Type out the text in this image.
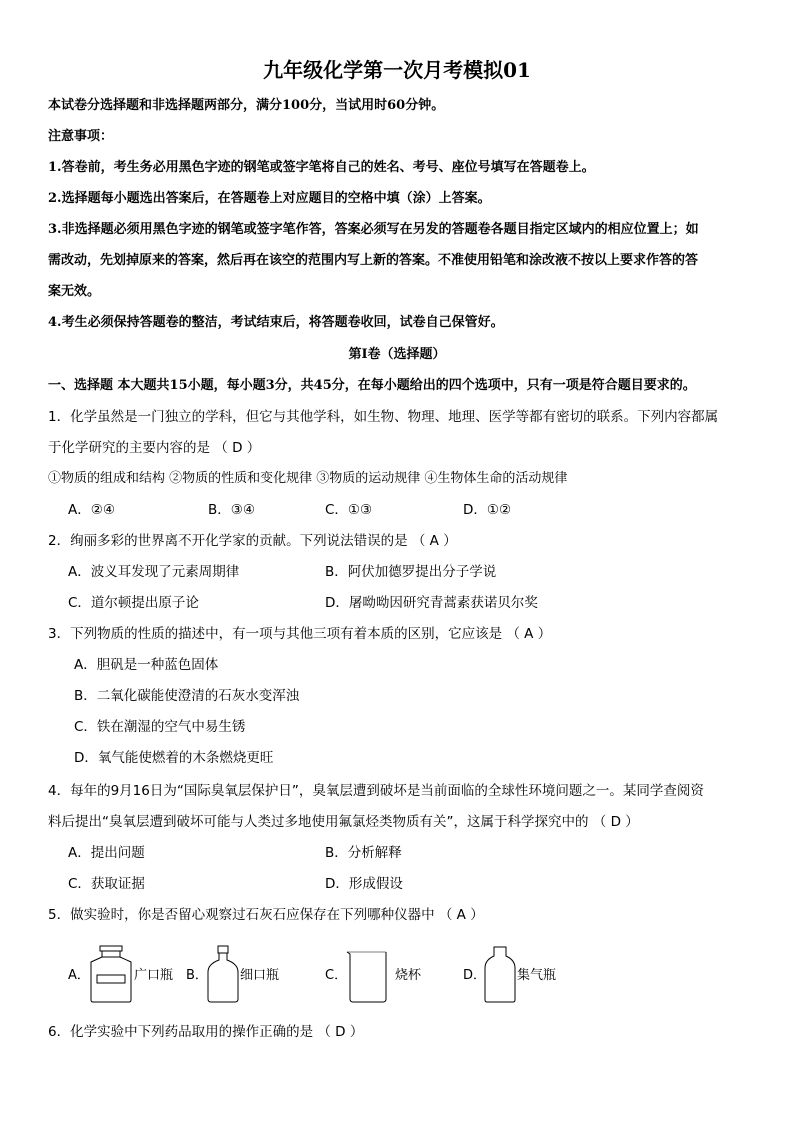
九年级化学第一次月考模拟01
本试卷分选择题和非选择题两部分，满分100分，当试用时60分钟。
注意事项：
1.答卷前，考生务必用黑色字迹的钢笔或签字笔将自己的姓名、考号、座位号填写在答题卷上。
2.选择题每小题选出答案后，在答题卷上对应题目的空格中填（涂）上答案。
3.非选择题必须用黑色字迹的钢笔或签字笔作答，答案必须写在另发的答题卷各题目指定区域内的相应位置上；如
需改动，先划掉原来的答案，然后再在该空的范围内写上新的答案。不准使用铅笔和涂改液不按以上要求作答的答
案无效。
4.考生必须保持答题卷的整洁，考试结束后，将答题卷收回，试卷自己保管好。
第Ⅰ卷（选择题）
一、选择题 本大题共15小题，每小题3分，共45分，在每小题给出的四个选项中，只有一项是符合题目要求的。
1．化学虽然是一门独立的学科，但它与其他学科，如生物、物理、地理、医学等都有密切的联系。下列内容都属
于化学研究的主要内容的是 （ D ）
①物质的组成和结构 ②物质的性质和变化规律 ③物质的运动规律 ④生物体生命的活动规律
A．②④	B．③④	C．①③	D．①②
2．绚丽多彩的世界离不开化学家的贡献。下列说法错误的是 （ A ）
A．波义耳发现了元素周期律	B．阿伏加德罗提出分子学说
C．道尔顿提出原子论	D．屠呦呦因研究青蒿素获诺贝尔奖
3．下列物质的性质的描述中，有一项与其他三项有着本质的区别，它应该是 （ A ）
A．胆矾是一种蓝色固体
B．二氧化碳能使澄清的石灰水变浑浊
C．铁在潮湿的空气中易生锈
D．氧气能使燃着的木条燃烧更旺
4．每年的9月16日为“国际臭氧层保护日”，臭氧层遭到破坏是当前面临的全球性环境问题之一。某同学查阅资
料后提出“臭氧层遭到破坏可能与人类过多地使用氟氯烃类物质有关”，这属于科学探究中的 （ D ）
A．提出问题	B．分析解释
C．获取证据	D．形成假设
5．做实验时，你是否留心观察过石灰石应保存在下列哪种仪器中 （ A ）
A．	广口瓶 B． 细口瓶	C．	烧杯	D． 集气瓶
6．化学实验中下列药品取用的操作正确的是 （ D ）
